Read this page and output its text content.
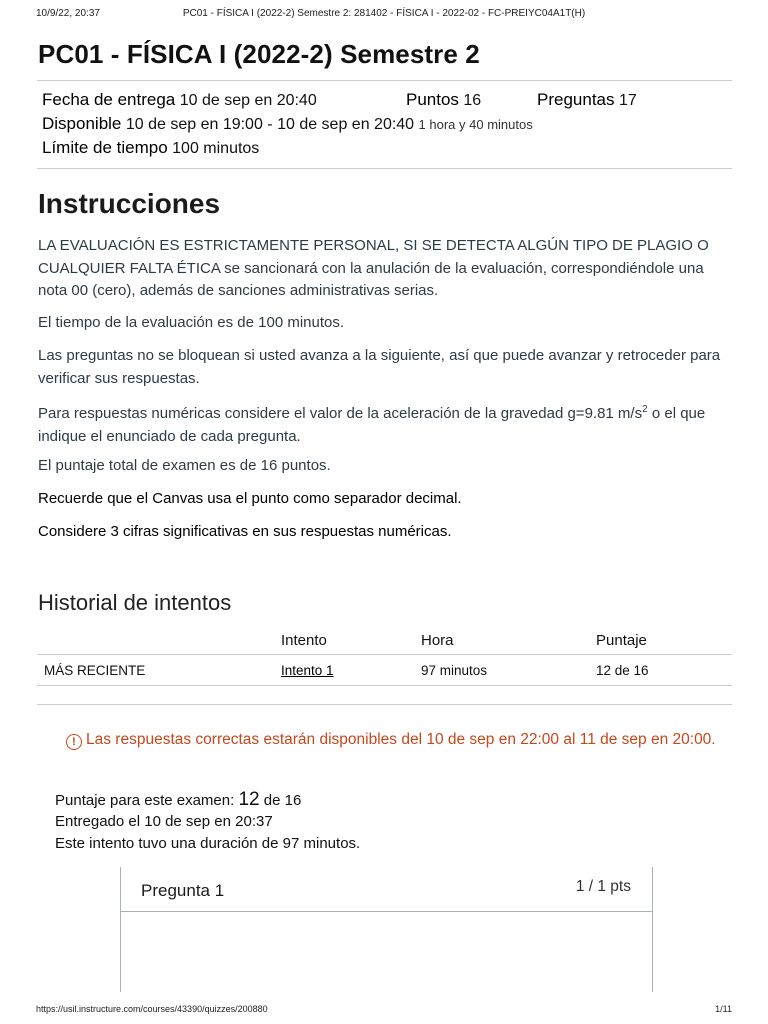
10/9/22, 20:37	PC01 - FÍSICA I (2022-2) Semestre 2: 281402 - FÍSICA I - 2022-02 - FC-PREIYC04A1T(H)
PC01 - FÍSICA I (2022-2) Semestre 2
Fecha de entrega 10 de sep en 20:40	Puntos 16	Preguntas 17
Disponible 10 de sep en 19:00 - 10 de sep en 20:40 1 hora y 40 minutos
Límite de tiempo 100 minutos
Instrucciones

LA EVALUACIÓN ES ESTRICTAMENTE PERSONAL, SI SE DETECTA ALGÚN TIPO DE PLAGIO O CUALQUIER FALTA ÉTICA se sancionará con la anulación de la evaluación, correspondiéndole una nota 00 (cero), además de sanciones administrativas serias.

El tiempo de la evaluación es de 100 minutos.

Las preguntas no se bloquean si usted avanza a la siguiente, así que puede avanzar y retroceder para verificar sus respuestas.

Para respuestas numéricas considere el valor de la aceleración de la gravedad g=9.81 $m/s^2$ o el que indique el enunciado de cada pregunta.

El puntaje total de examen es de 16 puntos.

Recuerde que el Canvas usa el punto como separador decimal.

Considere 3 cifras significativas en sus respuestas numéricas.

Historial de intentos
	Intento	Hora	Puntaje
MÁS RECIENTE	Intento 1	97 minutos	12 de 16
! Las respuestas correctas estarán disponibles del 10 de sep en 22:00 al 11 de sep en 20:00.
Puntaje para este examen: 12 de 16
Entregado el 10 de sep en 20:37
Este intento tuvo una duración de 97 minutos.
Pregunta 1	1 / 1 pts
https://usil.instructure.com/courses/43390/quizzes/200880	1/11
